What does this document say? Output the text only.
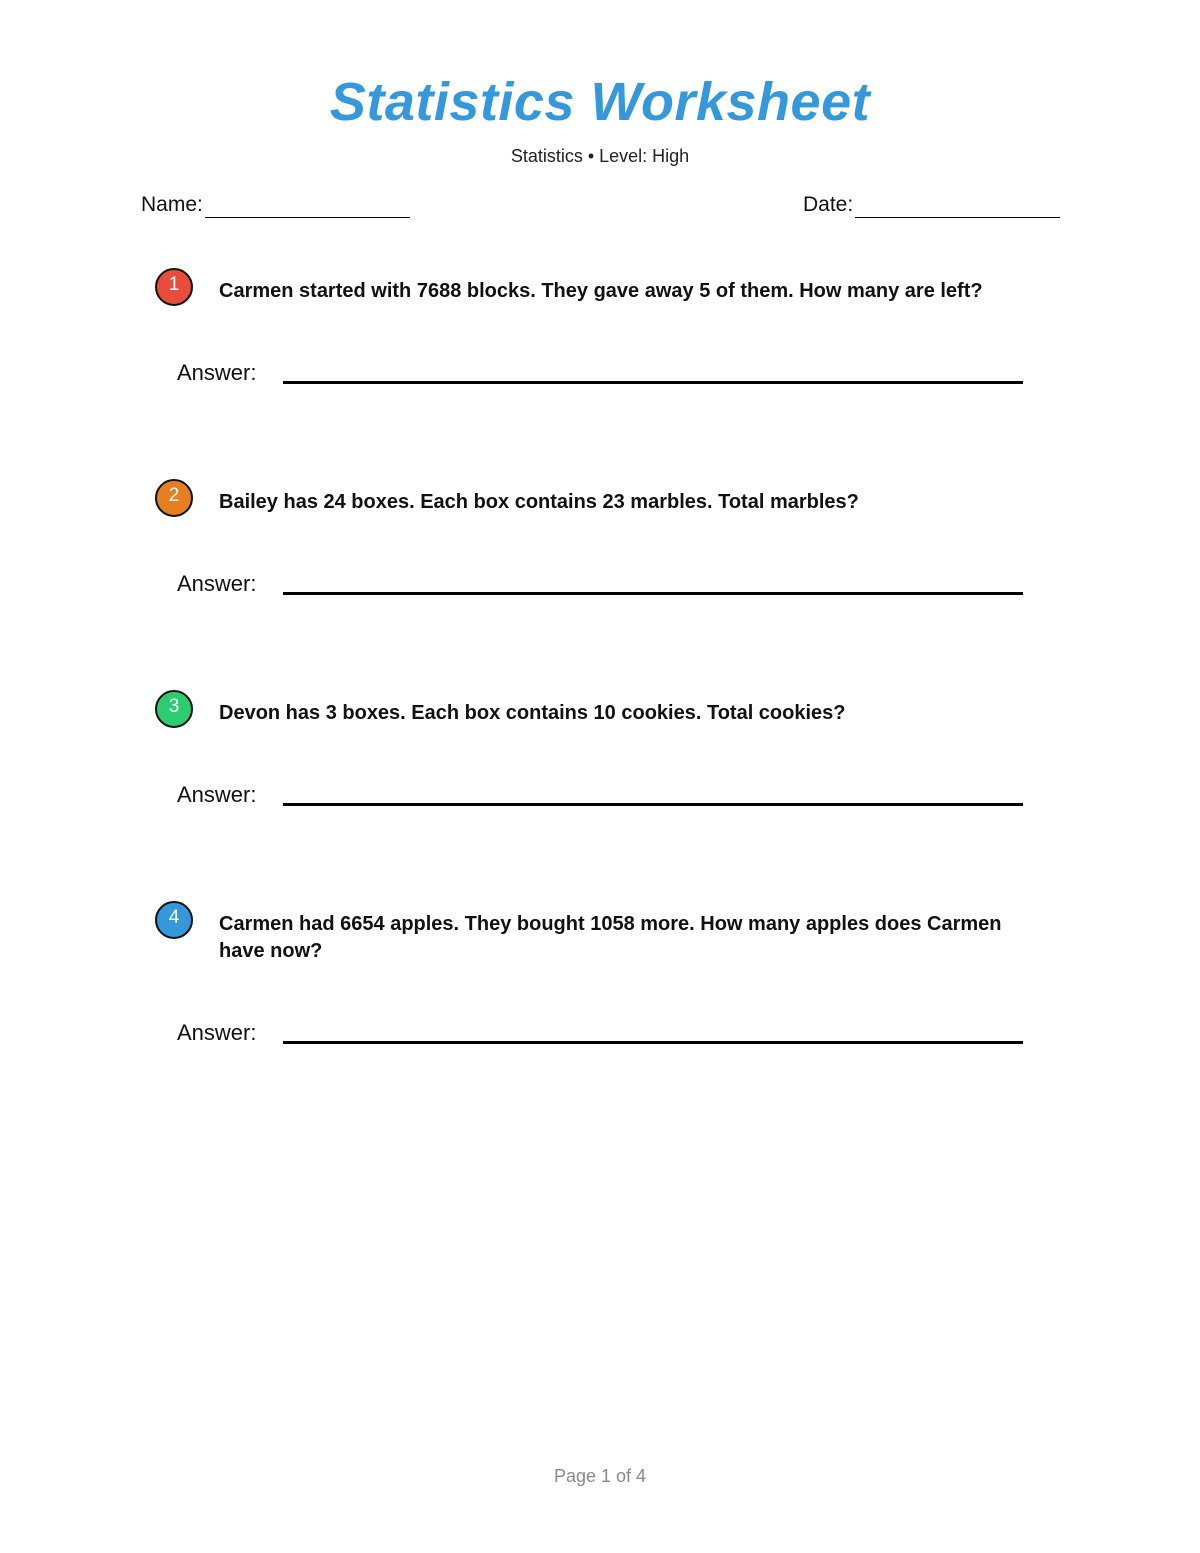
Statistics Worksheet
Statistics • Level: High
Name:	Date:
1	Carmen started with 7688 blocks. They gave away 5 of them. How many are left?
Answer:
2	Bailey has 24 boxes. Each box contains 23 marbles. Total marbles?
Answer:
3	Devon has 3 boxes. Each box contains 10 cookies. Total cookies?
Answer:
4	Carmen had 6654 apples. They bought 1058 more. How many apples does Carmen have now?
Answer:
Page 1 of 4
